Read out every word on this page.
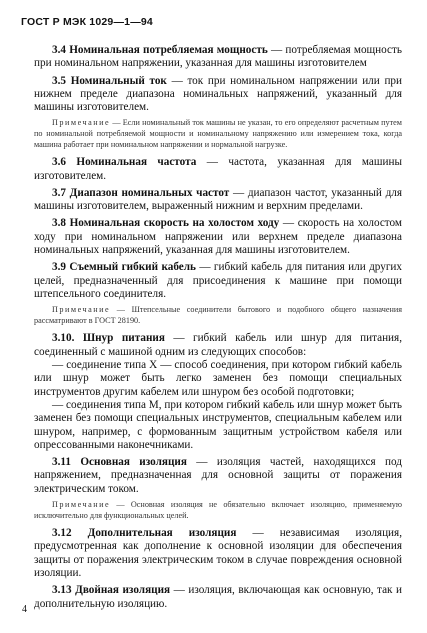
ГОСТ Р МЭК 1029—1—94

3.4 Номинальная потребляемая мощность — потребляемая мощность при номинальном напряжении, указанная для машины изготовителем

3.5 Номинальный ток — ток при номинальном напряжении или при нижнем пределе диапазона номинальных напряжений, указанный для машины изготовителем.

Примечание — Если номинальный ток машины не указан, то его определяют расчетным путем по номинальной потребляемой мощности и номинальному напряжению или измерением тока, когда машина работает при номинальном напряжении и нормальной нагрузке.

3.6 Номинальная частота — частота, указанная для машины изготовителем.

3.7 Диапазон номинальных частот — диапазон частот, указанный для машины изготовителем, выраженный нижним и верхним пределами.

3.8 Номинальная скорость на холостом ходу — скорость на холостом ходу при номинальном напряжении или верхнем пределе диапазона номинальных напряжений, указанная для машины изготовителем.

3.9 Съемный гибкий кабель — гибкий кабель для питания или других целей, предназначенный для присоединения к машине при помощи штепсельного соединителя.

Примечание — Штепсельные соединители бытового и подобного общего назначения рассматривают в ГОСТ 28190.

3.10. Шнур питания — гибкий кабель или шнур для питания, соединенный с машиной одним из следующих способов:

— соединение типа X — способ соединения, при котором гибкий кабель или шнур может быть легко заменен без помощи специальных инструментов другим кабелем или шнуром без особой подготовки;

— соединения типа М, при котором гибкий кабель или шнур может быть заменен без помощи специальных инструментов, специальным кабелем или шнуром, например, с формованным защитным устройством кабеля или опрессованными наконечниками.

3.11 Основная изоляция — изоляция частей, находящихся под напряжением, предназначенная для основной защиты от поражения электрическим током.

Примечание — Основная изоляция не обязательно включает изоляцию, применяемую исключительно для функциональных целей.

3.12 Дополнительная изоляция — независимая изоляция, предусмотренная как дополнение к основной изоляции для обеспечения защиты от поражения электрическим током в случае повреждения основной изоляции.

3.13 Двойная изоляция — изоляция, включающая как основную, так и дополнительную изоляцию.

4
